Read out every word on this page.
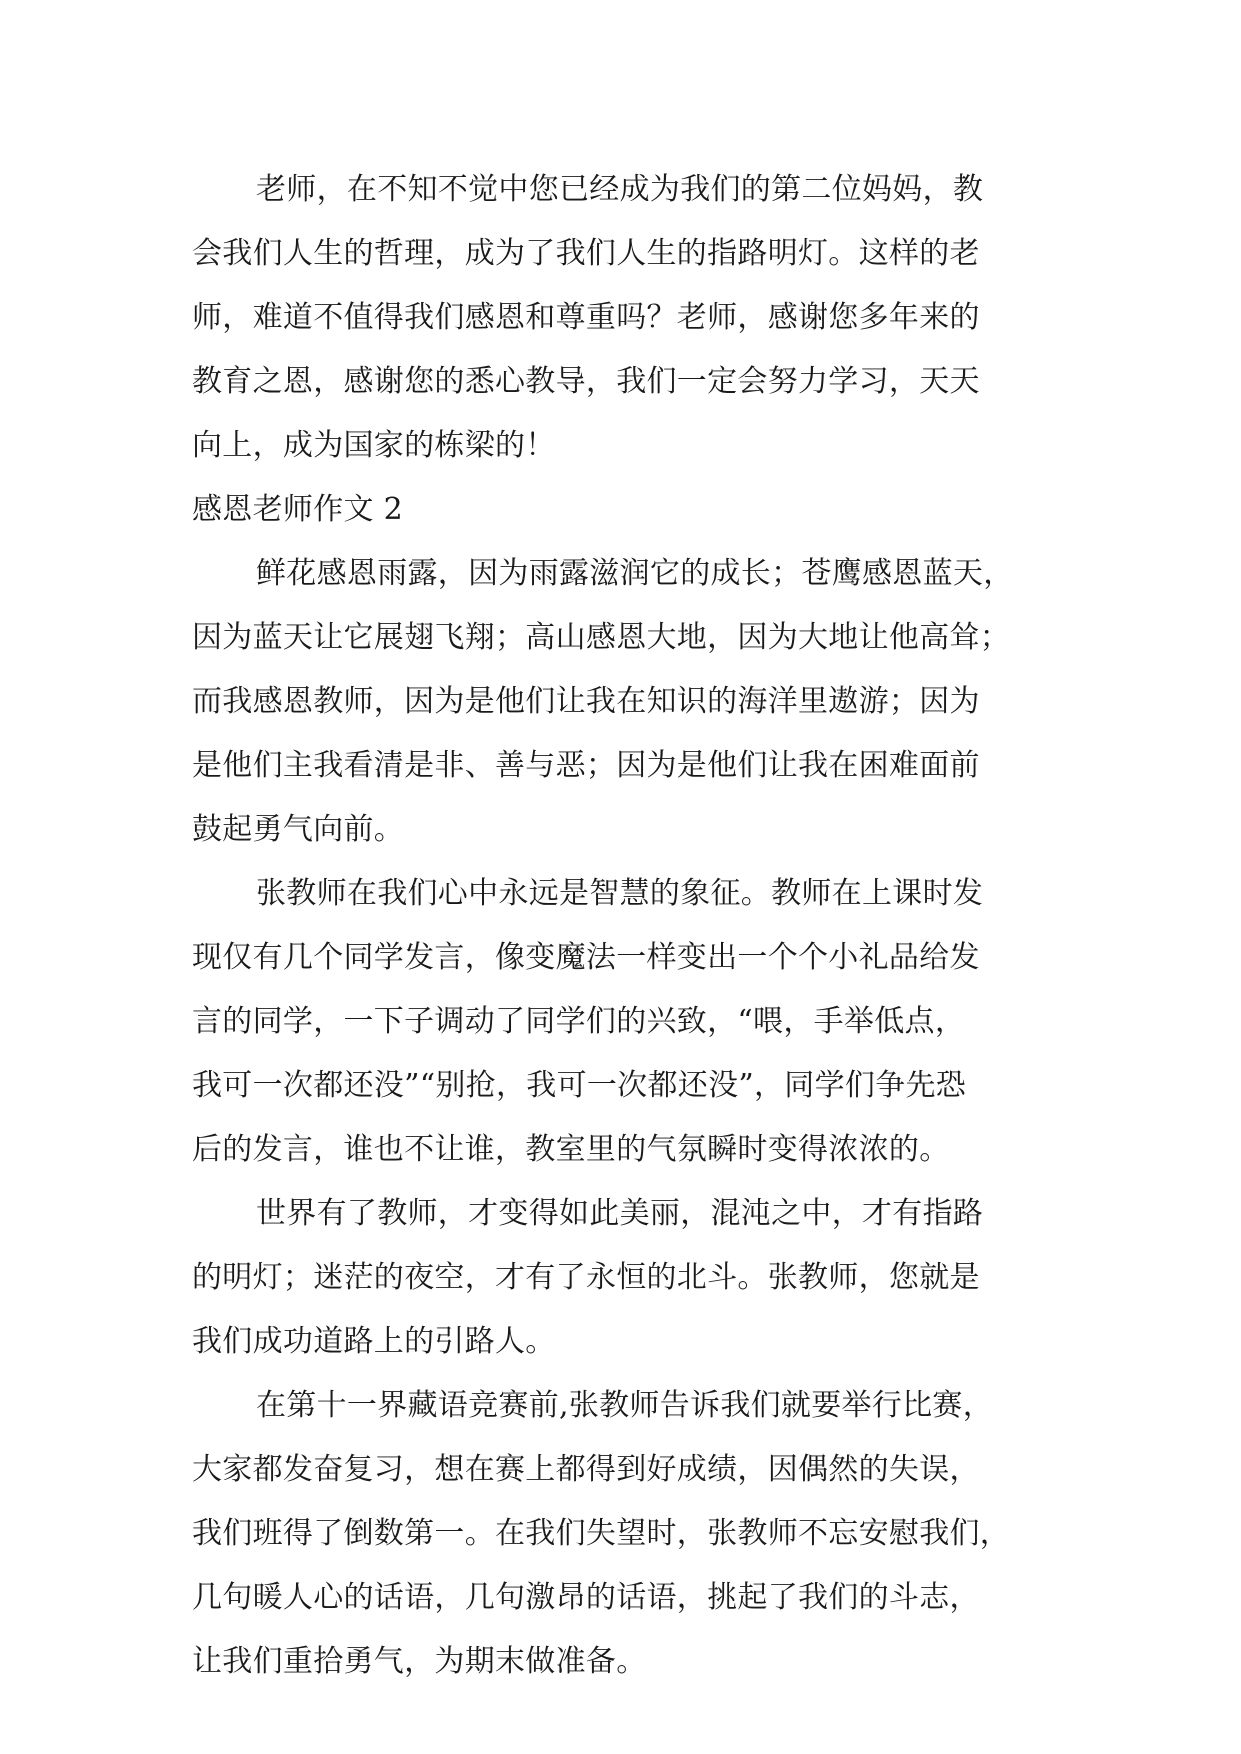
老师，在不知不觉中您已经成为我们的第二位妈妈，教
会我们人生的哲理，成为了我们人生的指路明灯。这样的老
师，难道不值得我们感恩和尊重吗？老师，感谢您多年来的
教育之恩，感谢您的悉心教导，我们一定会努力学习，天天
向上，成为国家的栋梁的！
感恩老师作文 2
鲜花感恩雨露，因为雨露滋润它的成长；苍鹰感恩蓝天，
因为蓝天让它展翅飞翔；高山感恩大地，因为大地让他高耸；
而我感恩教师，因为是他们让我在知识的海洋里遨游；因为
是他们主我看清是非、善与恶；因为是他们让我在困难面前
鼓起勇气向前。
张教师在我们心中永远是智慧的象征。教师在上课时发
现仅有几个同学发言，像变魔法一样变出一个个小礼品给发
言的同学，一下子调动了同学们的兴致，“喂，手举低点，
我可一次都还没”“别抢，我可一次都还没”，同学们争先恐
后的发言，谁也不让谁，教室里的气氛瞬时变得浓浓的。
世界有了教师，才变得如此美丽，混沌之中，才有指路
的明灯；迷茫的夜空，才有了永恒的北斗。张教师，您就是
我们成功道路上的引路人。
在第十一界藏语竞赛前,张教师告诉我们就要举行比赛，
大家都发奋复习，想在赛上都得到好成绩，因偶然的失误，
我们班得了倒数第一。在我们失望时，张教师不忘安慰我们，
几句暖人心的话语，几句激昂的话语，挑起了我们的斗志，
让我们重拾勇气，为期末做准备。
